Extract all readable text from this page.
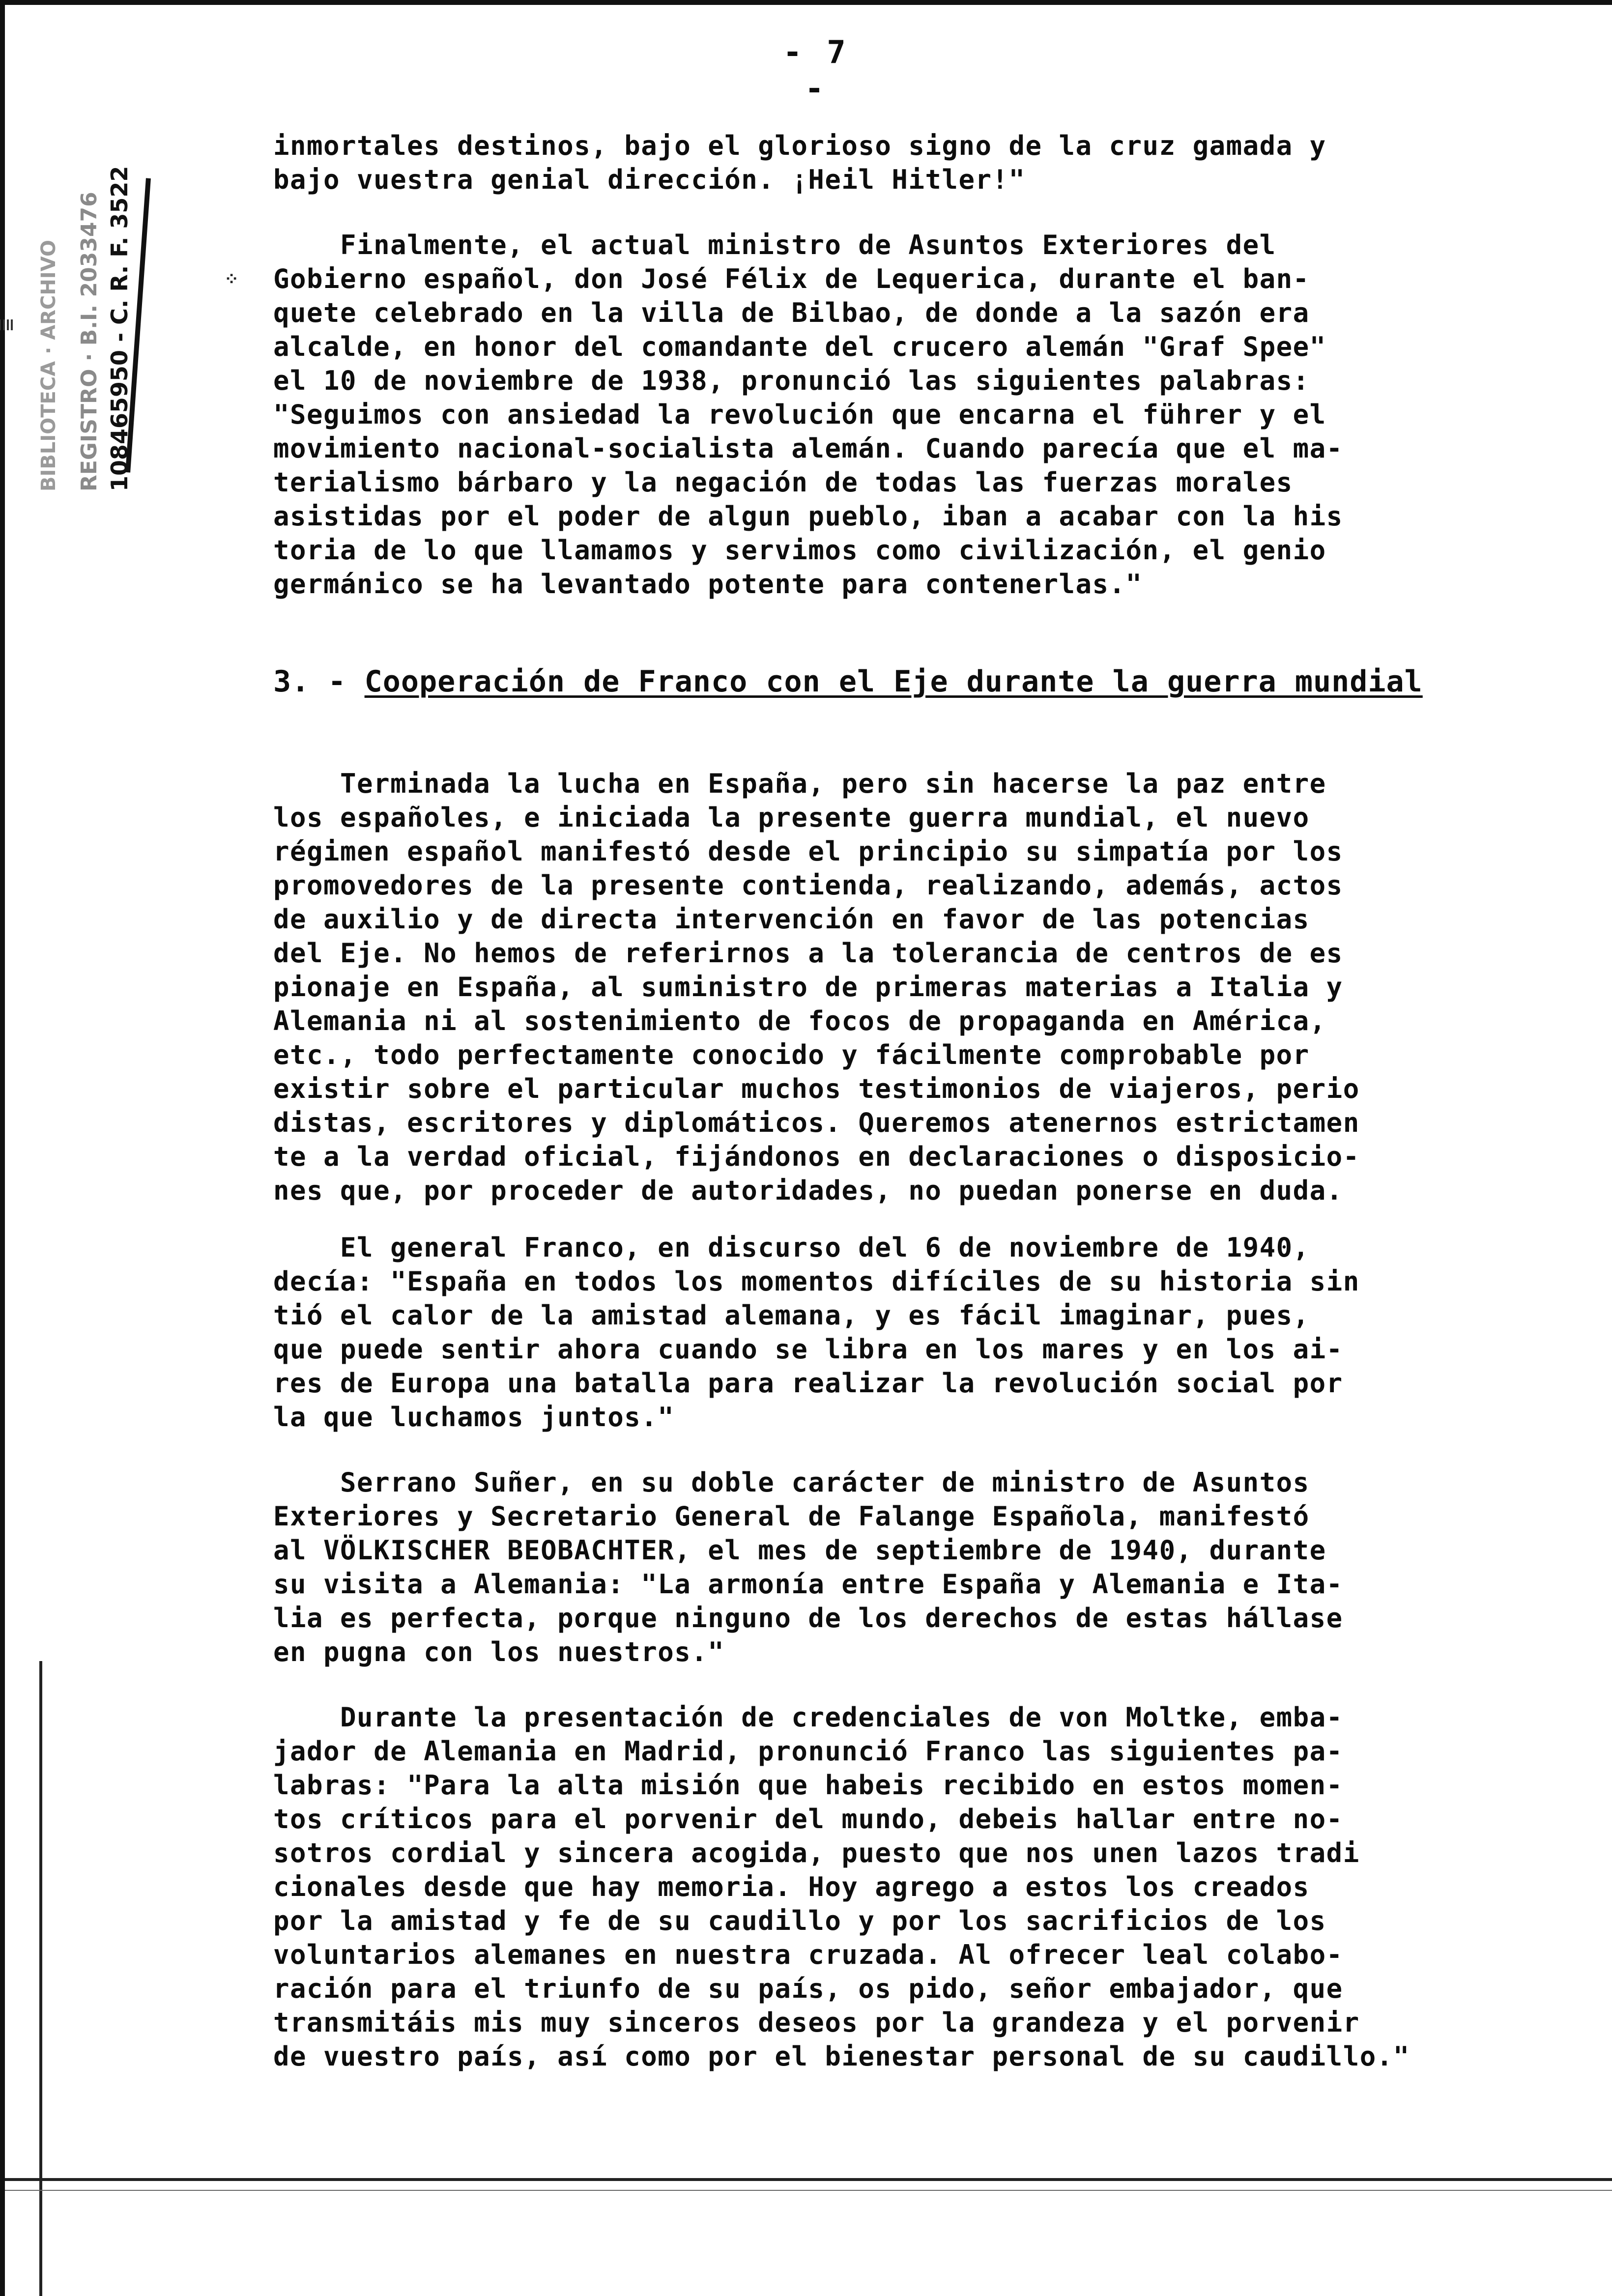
- 7 -
BIBLIOTECA · ARCHIVO REGISTRO · B.I. 2033476 108465950 - C. R. F. 3522	⁘
inmortales destinos, bajo el glorioso signo de la cruz gamada y
bajo vuestra genial dirección. ¡Heil Hitler!"
Finalmente, el actual ministro de Asuntos Exteriores del
Gobierno español, don José Félix de Lequerica, durante el ban-
quete celebrado en la villa de Bilbao, de donde a la sazón era
alcalde, en honor del comandante del crucero alemán "Graf Spee"
el 10 de noviembre de 1938, pronunció las siguientes palabras:
"Seguimos con ansiedad la revolución que encarna el führer y el
movimiento nacional-socialista alemán. Cuando parecía que el ma-
terialismo bárbaro y la negación de todas las fuerzas morales
asistidas por el poder de algun pueblo, iban a acabar con la his
toria de lo que llamamos y servimos como civilización, el genio
germánico se ha levantado potente para contenerlas."
3. - Cooperación de Franco con el Eje durante la guerra mundial
Terminada la lucha en España, pero sin hacerse la paz entre
los españoles, e iniciada la presente guerra mundial, el nuevo
régimen español manifestó desde el principio su simpatía por los
promovedores de la presente contienda, realizando, además, actos
de auxilio y de directa intervención en favor de las potencias
del Eje. No hemos de referirnos a la tolerancia de centros de es
pionaje en España, al suministro de primeras materias a Italia y
Alemania ni al sostenimiento de focos de propaganda en América,
etc., todo perfectamente conocido y fácilmente comprobable por
existir sobre el particular muchos testimonios de viajeros, perio
distas, escritores y diplomáticos. Queremos atenernos estrictamen
te a la verdad oficial, fijándonos en declaraciones o disposicio-
nes que, por proceder de autoridades, no puedan ponerse en duda.
El general Franco, en discurso del 6 de noviembre de 1940,
decía: "España en todos los momentos difíciles de su historia sin
tió el calor de la amistad alemana, y es fácil imaginar, pues,
que puede sentir ahora cuando se libra en los mares y en los ai-
res de Europa una batalla para realizar la revolución social por
la que luchamos juntos."
Serrano Suñer, en su doble carácter de ministro de Asuntos
Exteriores y Secretario General de Falange Española, manifestó
al VÖLKISCHER BEOBACHTER, el mes de septiembre de 1940, durante
su visita a Alemania: "La armonía entre España y Alemania e Ita-
lia es perfecta, porque ninguno de los derechos de estas hállase
en pugna con los nuestros."
Durante la presentación de credenciales de von Moltke, emba-
jador de Alemania en Madrid, pronunció Franco las siguientes pa-
labras: "Para la alta misión que habeis recibido en estos momen-
tos críticos para el porvenir del mundo, debeis hallar entre no-
sotros cordial y sincera acogida, puesto que nos unen lazos tradi
cionales desde que hay memoria. Hoy agrego a estos los creados
por la amistad y fe de su caudillo y por los sacrificios de los
voluntarios alemanes en nuestra cruzada. Al ofrecer leal colabo-
ración para el triunfo de su país, os pido, señor embajador, que
transmitáis mis muy sinceros deseos por la grandeza y el porvenir
de vuestro país, así como por el bienestar personal de su caudillo."
